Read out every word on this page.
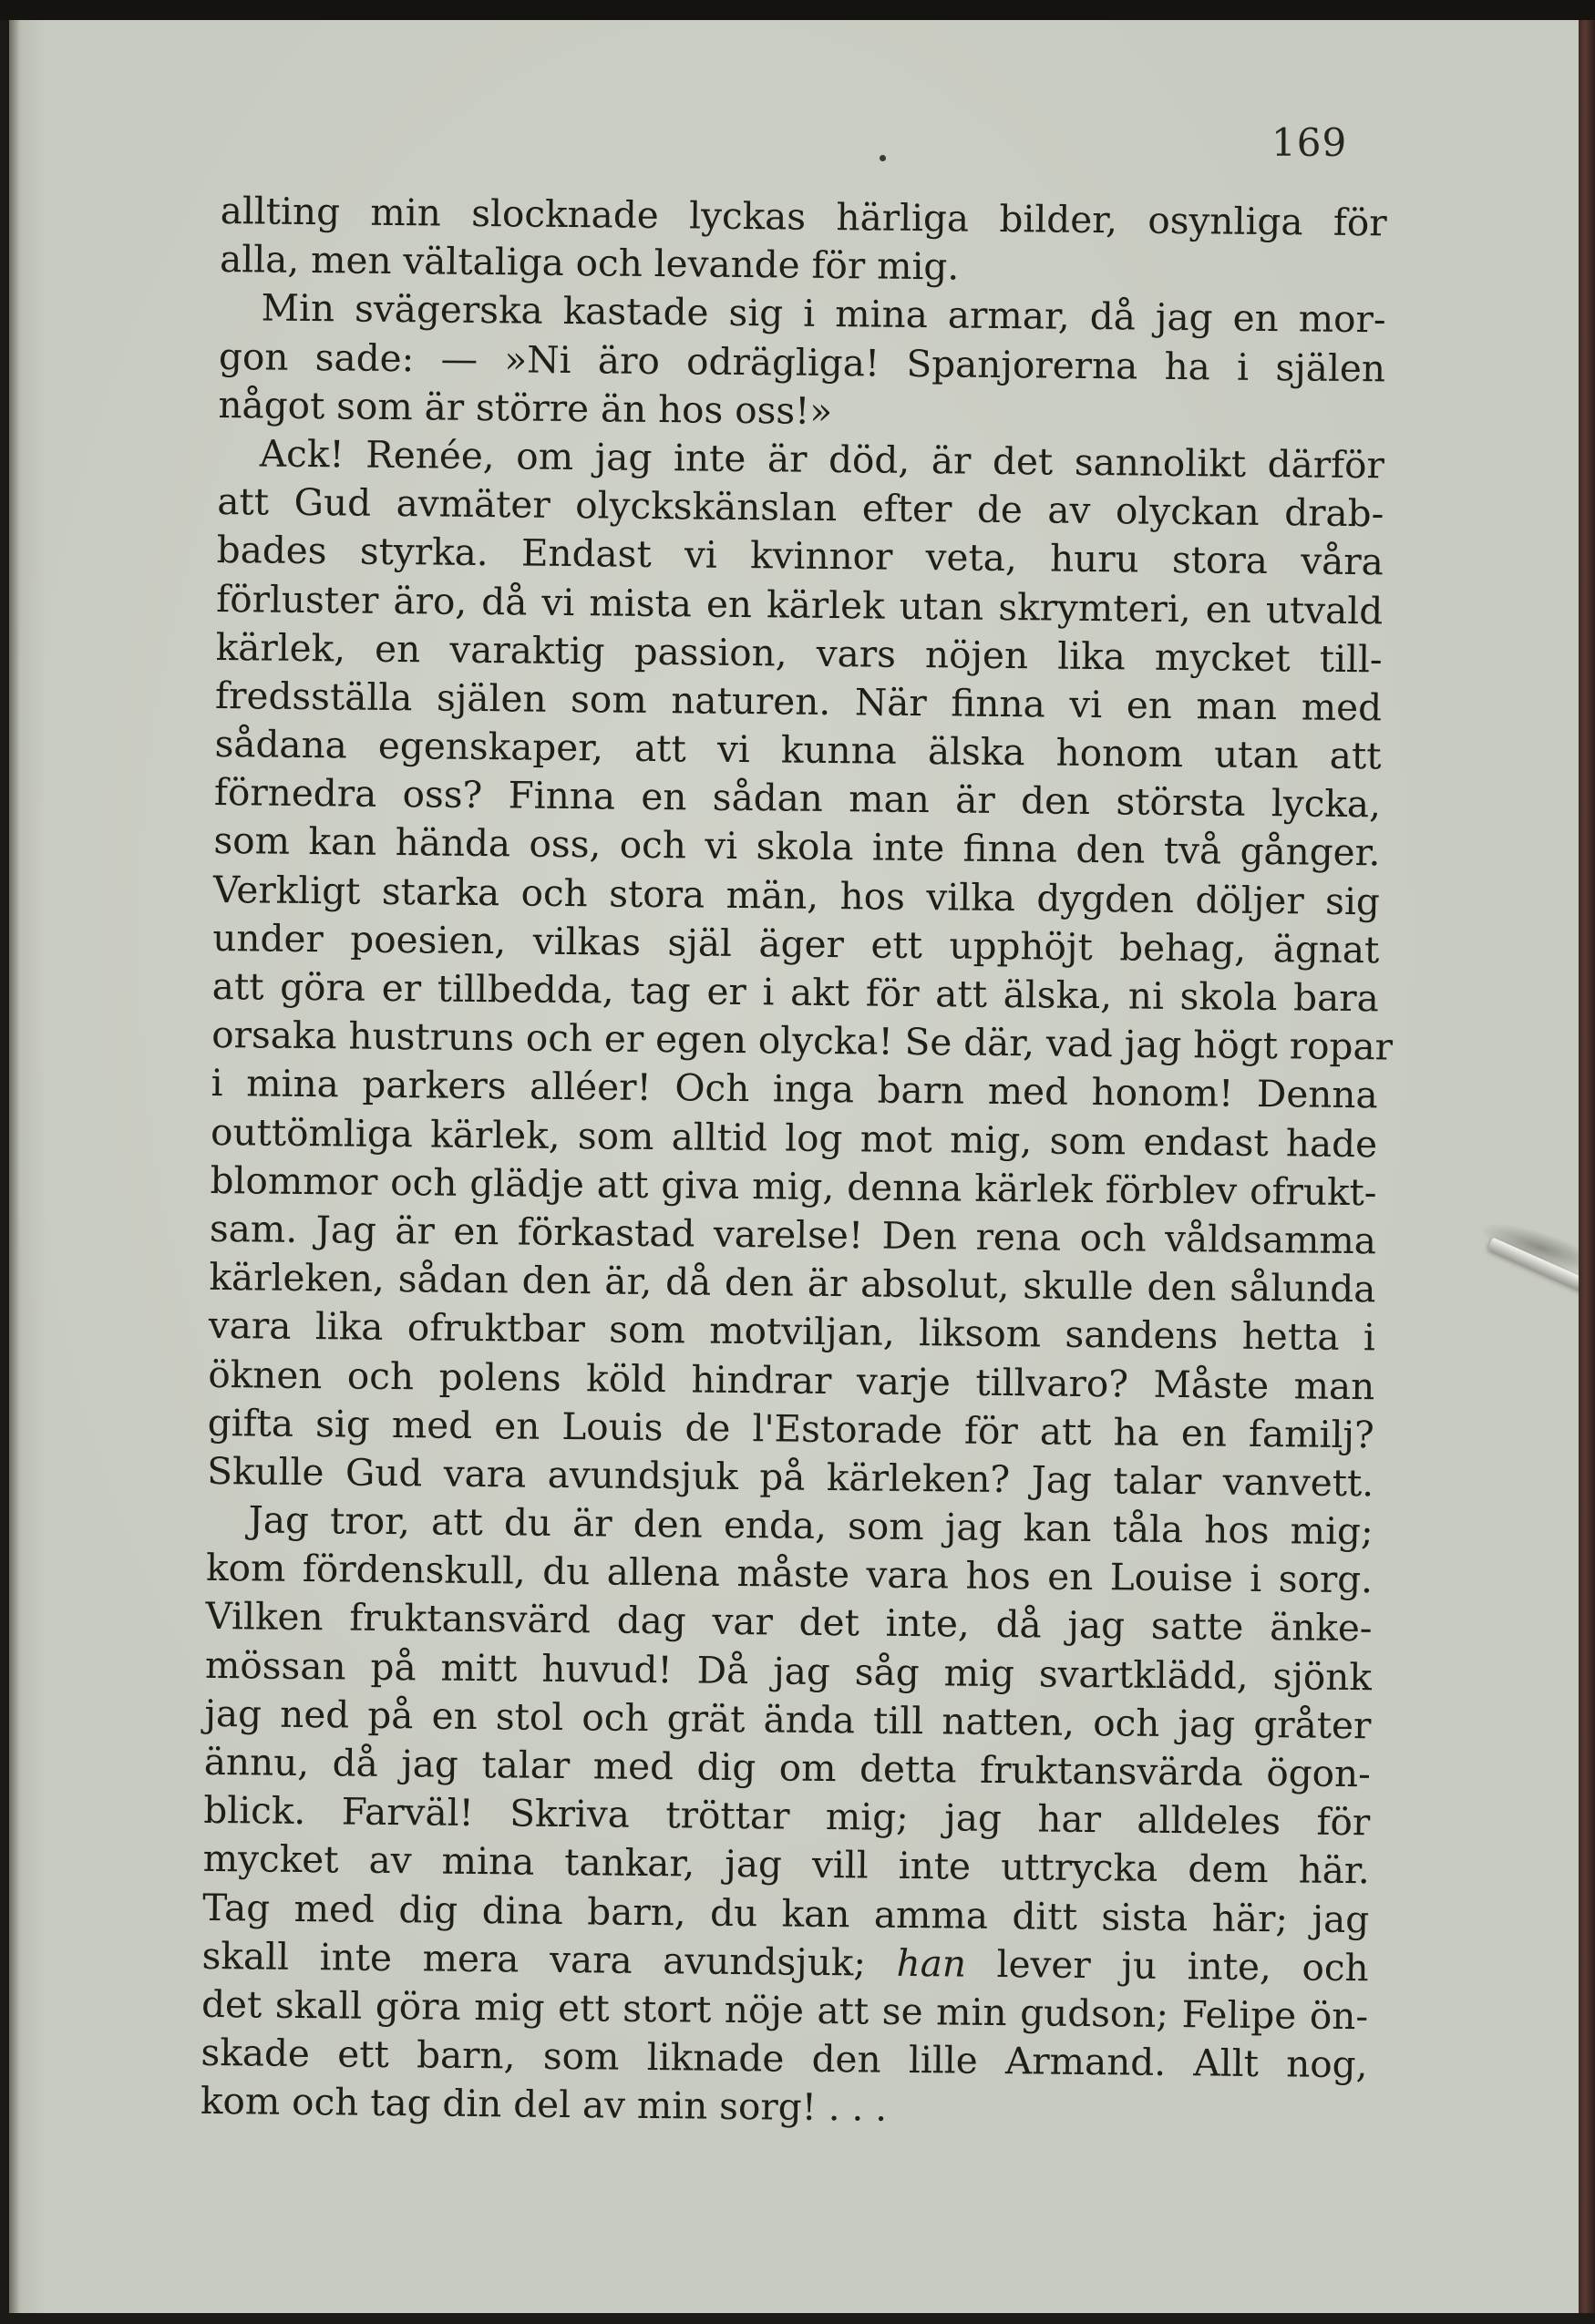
169
allting min slocknade lyckas härliga bilder, osynliga för
alla, men vältaliga och levande för mig.
Min svägerska kastade sig i mina armar, då jag en mor-
gon sade: — »Ni äro odrägliga! Spanjorerna ha i själen
något som är större än hos oss!»
Ack! Renée, om jag inte är död, är det sannolikt därför
att Gud avmäter olyckskänslan efter de av olyckan drab-
bades styrka. Endast vi kvinnor veta, huru stora våra
förluster äro, då vi mista en kärlek utan skrymteri, en utvald
kärlek, en varaktig passion, vars nöjen lika mycket till-
fredsställa själen som naturen. När finna vi en man med
sådana egenskaper, att vi kunna älska honom utan att
förnedra oss? Finna en sådan man är den största lycka,
som kan hända oss, och vi skola inte finna den två gånger.
Verkligt starka och stora män, hos vilka dygden döljer sig
under poesien, vilkas själ äger ett upphöjt behag, ägnat
att göra er tillbedda, tag er i akt för att älska, ni skola bara
orsaka hustruns och er egen olycka! Se där, vad jag högt ropar
i mina parkers alléer! Och inga barn med honom! Denna
outtömliga kärlek, som alltid log mot mig, som endast hade
blommor och glädje att giva mig, denna kärlek förblev ofrukt-
sam. Jag är en förkastad varelse! Den rena och våldsamma
kärleken, sådan den är, då den är absolut, skulle den sålunda
vara lika ofruktbar som motviljan, liksom sandens hetta i
öknen och polens köld hindrar varje tillvaro? Måste man
gifta sig med en Louis de l'Estorade för att ha en familj?
Skulle Gud vara avundsjuk på kärleken? Jag talar vanvett.
Jag tror, att du är den enda, som jag kan tåla hos mig;
kom fördenskull, du allena måste vara hos en Louise i sorg.
Vilken fruktansvärd dag var det inte, då jag satte änke-
mössan på mitt huvud! Då jag såg mig svartklädd, sjönk
jag ned på en stol och grät ända till natten, och jag gråter
ännu, då jag talar med dig om detta fruktansvärda ögon-
blick. Farväl! Skriva tröttar mig; jag har alldeles för
mycket av mina tankar, jag vill inte uttrycka dem här.
Tag med dig dina barn, du kan amma ditt sista här; jag
skall inte mera vara avundsjuk; han lever ju inte, och
det skall göra mig ett stort nöje att se min gudson; Felipe ön-
skade ett barn, som liknade den lille Armand. Allt nog,
kom och tag din del av min sorg! . . .
